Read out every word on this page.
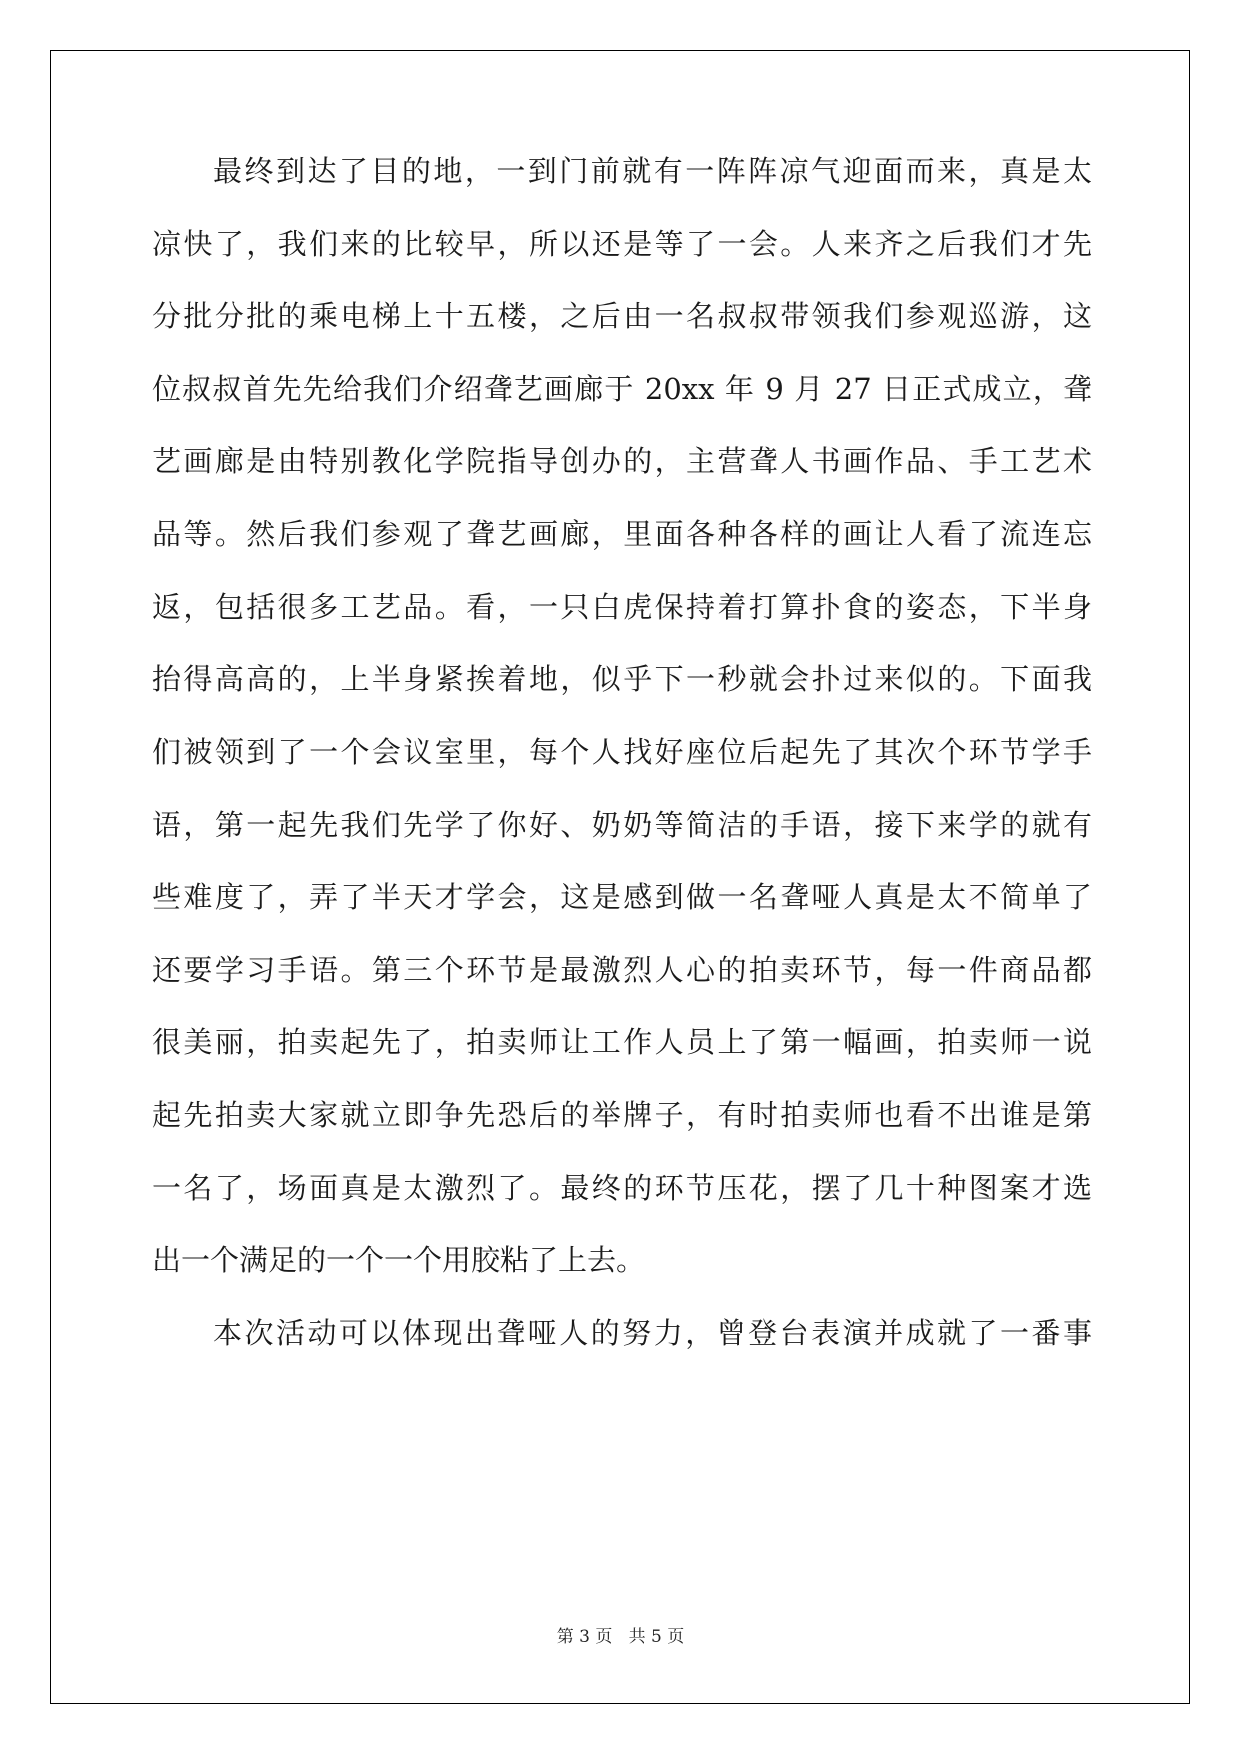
最终到达了目的地，一到门前就有一阵阵凉气迎面而来，真是太
凉快了，我们来的比较早，所以还是等了一会。人来齐之后我们才先
分批分批的乘电梯上十五楼，之后由一名叔叔带领我们参观巡游，这
位叔叔首先先给我们介绍聋艺画廊于 20xx 年 9 月 27 日正式成立，聋
艺画廊是由特别教化学院指导创办的，主营聋人书画作品、手工艺术
品等。然后我们参观了聋艺画廊，里面各种各样的画让人看了流连忘
返，包括很多工艺品。看，一只白虎保持着打算扑食的姿态，下半身
抬得高高的，上半身紧挨着地，似乎下一秒就会扑过来似的。下面我
们被领到了一个会议室里，每个人找好座位后起先了其次个环节学手
语，第一起先我们先学了你好、奶奶等简洁的手语，接下来学的就有
些难度了，弄了半天才学会，这是感到做一名聋哑人真是太不简单了
还要学习手语。第三个环节是最激烈人心的拍卖环节，每一件商品都
很美丽，拍卖起先了，拍卖师让工作人员上了第一幅画，拍卖师一说
起先拍卖大家就立即争先恐后的举牌子，有时拍卖师也看不出谁是第
一名了，场面真是太激烈了。最终的环节压花，摆了几十种图案才选
出一个满足的一个一个用胶粘了上去。
本次活动可以体现出聋哑人的努力，曾登台表演并成就了一番事
第 3 页 共 5 页
